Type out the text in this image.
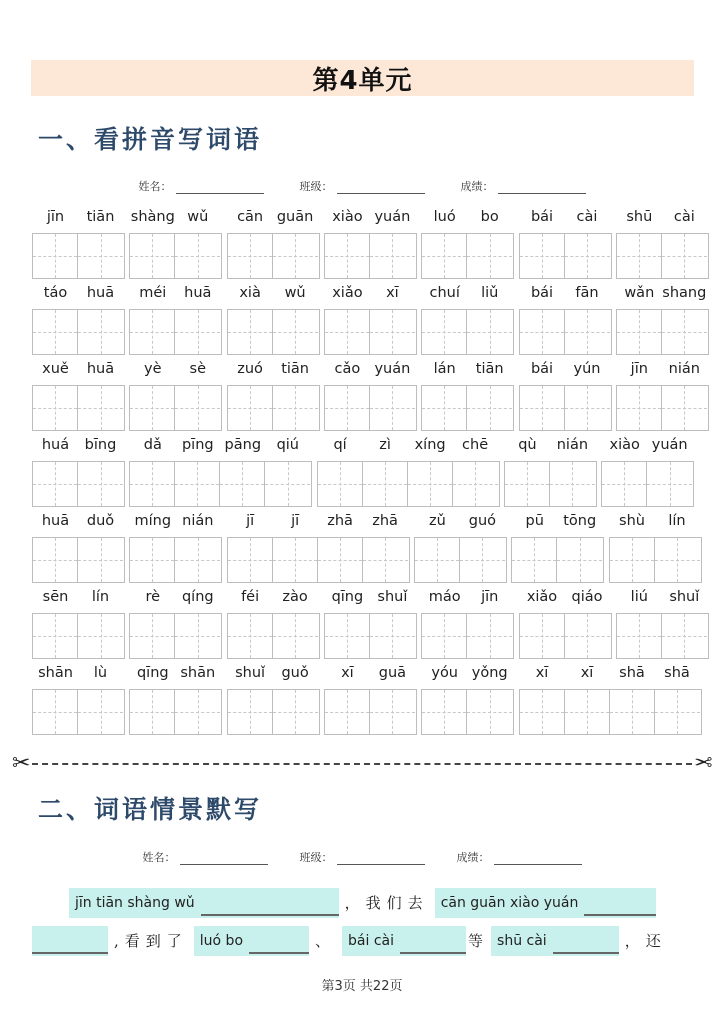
第4单元
一、看拼音写词语
姓名：	班级：	成绩：
jīn	tiān	shàng wǔ	cān guān	xiào yuán	luó	bo	bái	cài	shū	cài
táo	huā	méi	huā	xià	wǔ	xiǎo	xī	chuí	liǔ	bái	fān	wǎn shang
xuě	huā	yè	sè	zuó	tiān	cǎo yuán	lán	tiān	bái	yún	jīn	nián
huá	bīng	dǎ	pīng pāng	qiú	qí	zì	xíng	chē	qù	nián	xiào yuán
huā	duǒ	míng nián	jī	jī	zhā	zhā	zǔ	guó	pū	tōng	shù	lín
sēn	lín	rè	qíng	féi	zào	qīng shuǐ	máo	jīn	xiǎo qiáo	liú	shuǐ
shān	lù	qīng shān	shuǐ	guǒ	xī	guā	yóu yǒng	xī	xī	shā	shā
✂	✂
二、词语情景默写
姓名：	班级：	成绩：
jīn tiān shàng wǔ	，我们去 cān guān xiào yuán
,看到了 luó bo	、 bái cài	等 shū cài	，还
第3页 共22页
